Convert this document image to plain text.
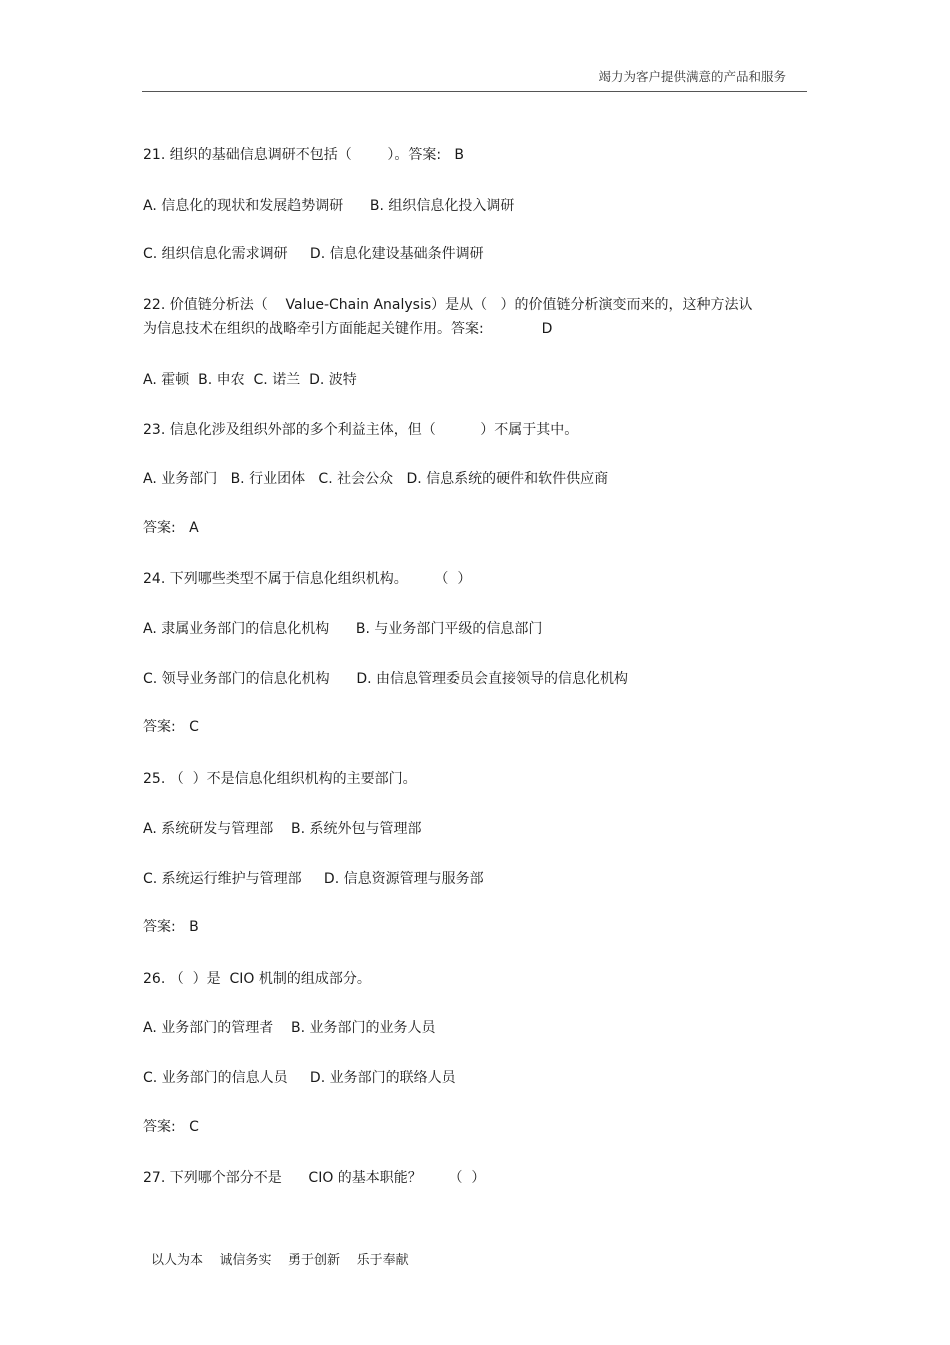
竭力为客户提供满意的产品和服务
21. 组织的基础信息调研不包括（        ）。答案:   B
A. 信息化的现状和发展趋势调研      B. 组织信息化投入调研
C. 组织信息化需求调研     D. 信息化建设基础条件调研
22. 价值链分析法（    Value-Chain Analysis）是从（   ）的价值链分析演变而来的，这种方法认
为信息技术在组织的战略牵引方面能起关键作用。答案:             D
A. 霍顿  B. 申农  C. 诺兰  D. 波特
23. 信息化涉及组织外部的多个利益主体，但（          ）不属于其中。
A. 业务部门   B. 行业团体   C. 社会公众   D. 信息系统的硬件和软件供应商
答案:   A
24. 下列哪些类型不属于信息化组织机构。      （  ）
A. 隶属业务部门的信息化机构      B. 与业务部门平级的信息部门
C. 领导业务部门的信息化机构      D. 由信息管理委员会直接领导的信息化机构
答案:   C
25. （  ）不是信息化组织机构的主要部门。
A. 系统研发与管理部    B. 系统外包与管理部
C. 系统运行维护与管理部     D. 信息资源管理与服务部
答案:   B
26. （  ）是  CIO 机制的组成部分。
A. 业务部门的管理者    B. 业务部门的业务人员
C. 业务部门的信息人员     D. 业务部门的联络人员
答案:   C
27. 下列哪个部分不是      CIO 的基本职能？      （  ）
以人为本    诚信务实    勇于创新    乐于奉献
